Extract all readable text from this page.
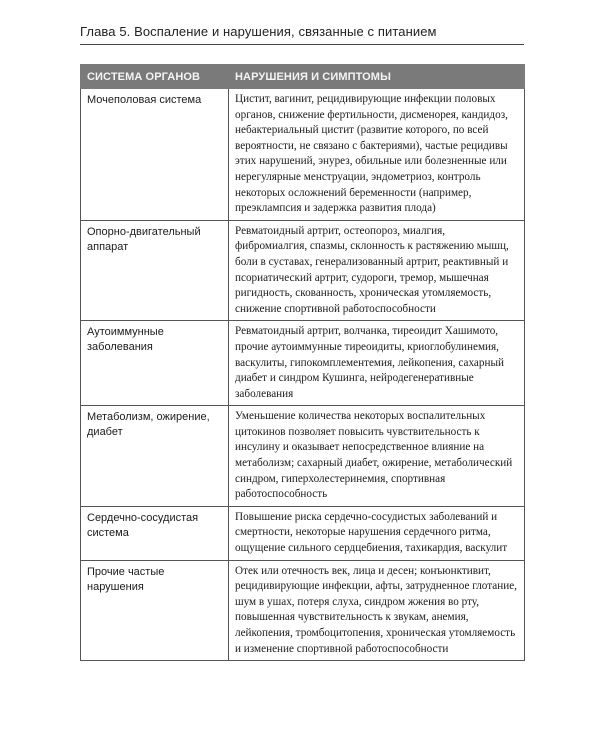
Глава 5. Воспаление и нарушения, связанные с питанием
СИСТЕМА ОРГАНОВ	НАРУШЕНИЯ И СИМПТОМЫ
Мочеполовая система	Цистит, вагинит, рецидивирующие инфекции половых органов, снижение фертильности, дисменорея, кандидоз, небактериальный цистит (развитие которого, по всей вероятности, не связано с бактериями), частые рецидивы этих нарушений, энурез, обильные или болезненные или нерегулярные менструации, эндометриоз, контроль некоторых осложнений беременности (например, преэклампсия и задержка развития плода)
Опорно-двигательный аппарат	Ревматоидный артрит, остеопороз, миалгия, фибромиалгия, спазмы, склонность к растяжению мышц, боли в суставах, генерализованный артрит, реактивный и псориатический артрит, судороги, тремор, мышечная ригидность, скованность, хроническая утомляемость, снижение спортивной работоспособности
Аутоиммунные заболевания	Ревматоидный артрит, волчанка, тиреоидит Хашимото, прочие аутоиммунные тиреоидиты, криоглобулинемия, васкулиты, гипокомплементемия, лейкопения, сахарный диабет и синдром Кушинга, нейродегенеративные заболевания
Метаболизм, ожирение, диабет	Уменьшение количества некоторых воспалительных цитокинов позволяет повысить чувствительность к инсулину и оказывает непосредственное влияние на метаболизм; сахарный диабет, ожирение, метаболический синдром, гиперхолестеринемия, спортивная работоспособность
Сердечно-сосудистая система	Повышение риска сердечно-сосудистых заболеваний и смертности, некоторые нарушения сердечного ритма, ощущение сильного сердцебиения, тахикардия, васкулит
Прочие частые нарушения	Отек или отечность век, лица и десен; конъюнктивит, рецидивирующие инфекции, афты, затрудненное глотание, шум в ушах, потеря слуха, синдром жжения во рту, повышенная чувствительность к звукам, анемия, лейкопения, тромбоцитопения, хроническая утомляемость и изменение спортивной работоспособности
